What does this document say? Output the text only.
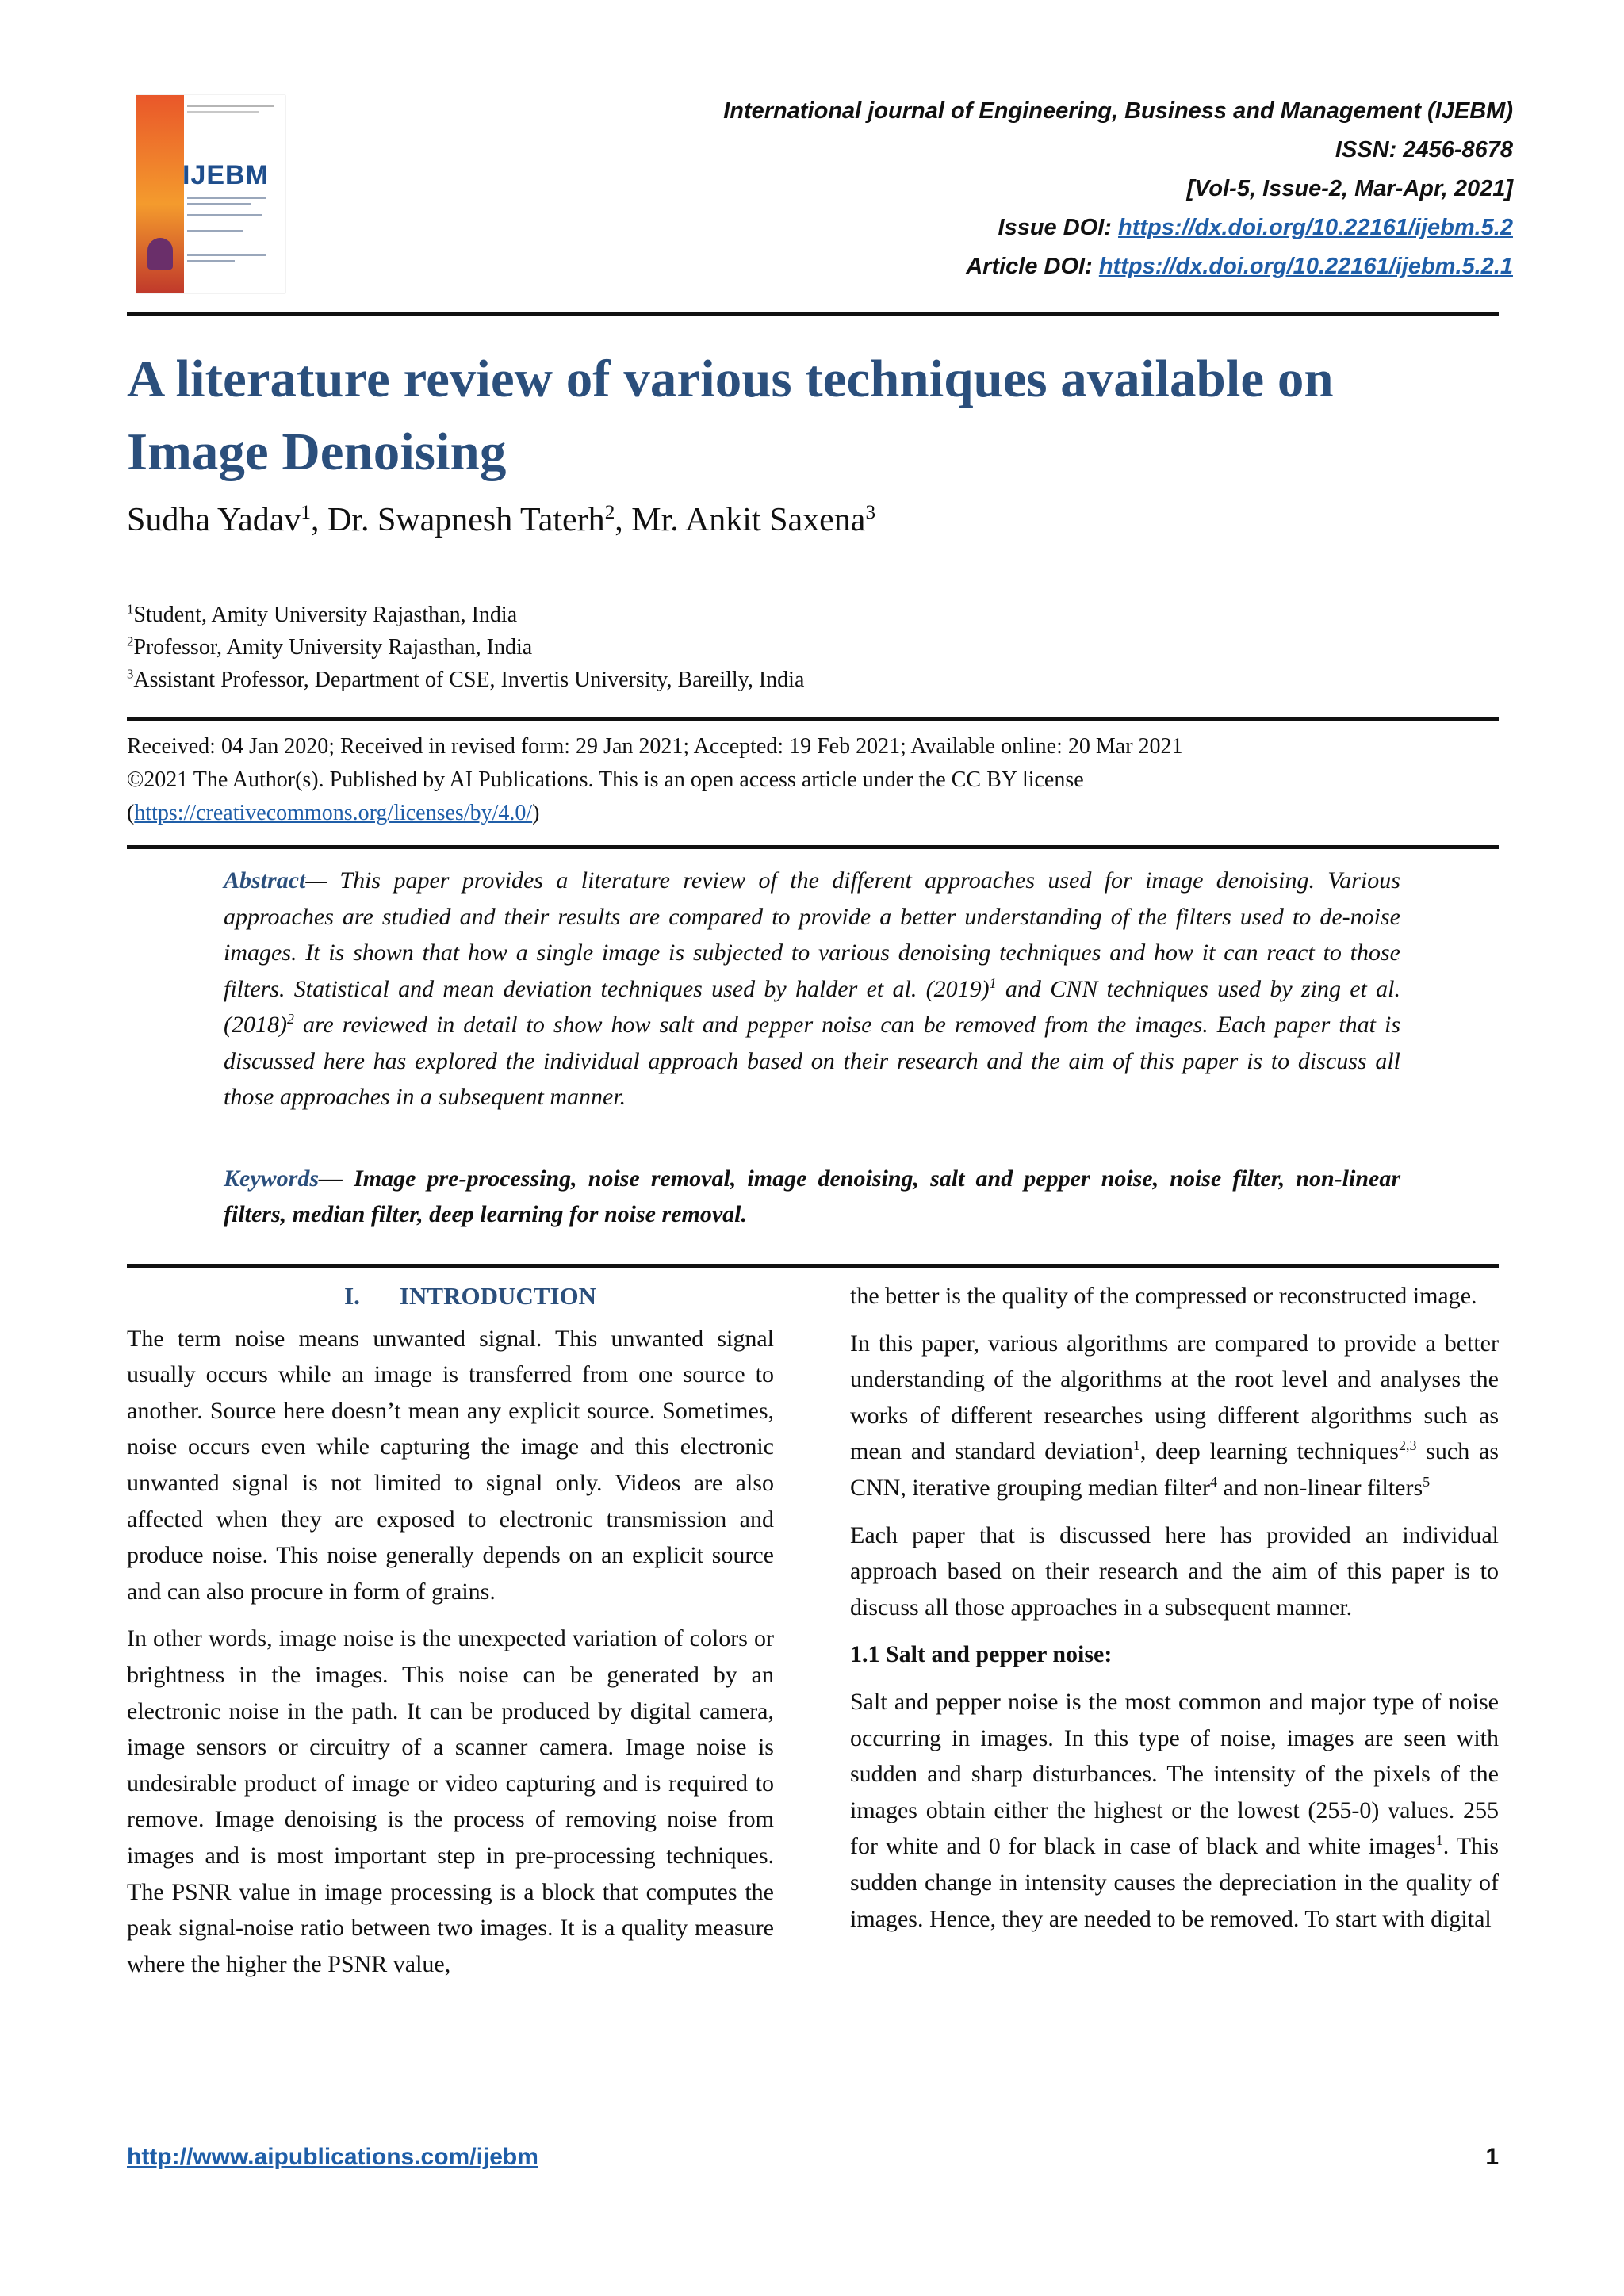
IJEBM
International journal of Engineering, Business and Management (IJEBM)
ISSN: 2456-8678
[Vol-5, Issue-2, Mar-Apr, 2021]
Issue DOI: https://dx.doi.org/10.22161/ijebm.5.2
Article DOI: https://dx.doi.org/10.22161/ijebm.5.2.1
A literature review of various techniques available on
Image Denoising
Sudha Yadav$^1$, Dr. Swapnesh Taterh$^2$, Mr. Ankit Saxena$^3$
$^1$Student, Amity University Rajasthan, India
$^2$Professor, Amity University Rajasthan, India
$^3$Assistant Professor, Department of CSE, Invertis University, Bareilly, India
Received: 04 Jan 2020; Received in revised form: 29 Jan 2021; Accepted: 19 Feb 2021; Available online: 20 Mar 2021
©2021 The Author(s). Published by AI Publications. This is an open access article under the CC BY license
(https://creativecommons.org/licenses/by/4.0/)
Abstract— This paper provides a literature review of the different approaches used for image denoising. Various approaches are studied and their results are compared to provide a better understanding of the filters used to de-noise images. It is shown that how a single image is subjected to various denoising techniques and how it can react to those filters. Statistical and mean deviation techniques used by halder et al. $(2019)^1$ and CNN techniques used by zing et $al.(2018)^2$ are reviewed in detail to show how salt and pepper noise can be removed from the images. Each paper that is discussed here has explored the individual approach based on their research and the aim of this paper is to discuss all those approaches in a subsequent manner.
Keywords— Image pre-processing, noise removal, image denoising, salt and pepper noise, noise filter, non-linear filters, median filter, deep learning for noise removal.
I. INTRODUCTION

The term noise means unwanted signal. This unwanted signal usually occurs while an image is transferred from one source to another. Source here doesn’t mean any explicit source. Sometimes, noise occurs even while capturing the image and this electronic unwanted signal is not limited to signal only. Videos are also affected when they are exposed to electronic transmission and produce noise. This noise generally depends on an explicit source and can also procure in form of grains.

In other words, image noise is the unexpected variation of colors or brightness in the images. This noise can be generated by an electronic noise in the path. It can be produced by digital camera, image sensors or circuitry of a scanner camera. Image noise is undesirable product of image or video capturing and is required to remove. Image denoising is the process of removing noise from images and is most important step in pre-processing techniques. The PSNR value in image processing is a block that computes the peak signal-noise ratio between two images. It is a quality measure where the higher the PSNR value,

the better is the quality of the compressed or reconstructed image.

In this paper, various algorithms are compared to provide a better understanding of the algorithms at the root level and analyses the works of different researches using different algorithms such as mean and standard deviation$^1$, deep learning techniques$^{2,3}$ such as CNN, iterative grouping median filter$^4$ and non-linear filters$^5$

Each paper that is discussed here has provided an individual approach based on their research and the aim of this paper is to discuss all those approaches in a subsequent manner.

1.1 Salt and pepper noise:

Salt and pepper noise is the most common and major type of noise occurring in images. In this type of noise, images are seen with sudden and sharp disturbances. The intensity of the pixels of the images obtain either the highest or the lowest (255-0) values. 255 for white and 0 for black in case of black and white images$^1$. This sudden change in intensity causes the depreciation in the quality of images. Hence, they are needed to be removed. To start with digital

http://www.aipublications.com/ijebm	1
